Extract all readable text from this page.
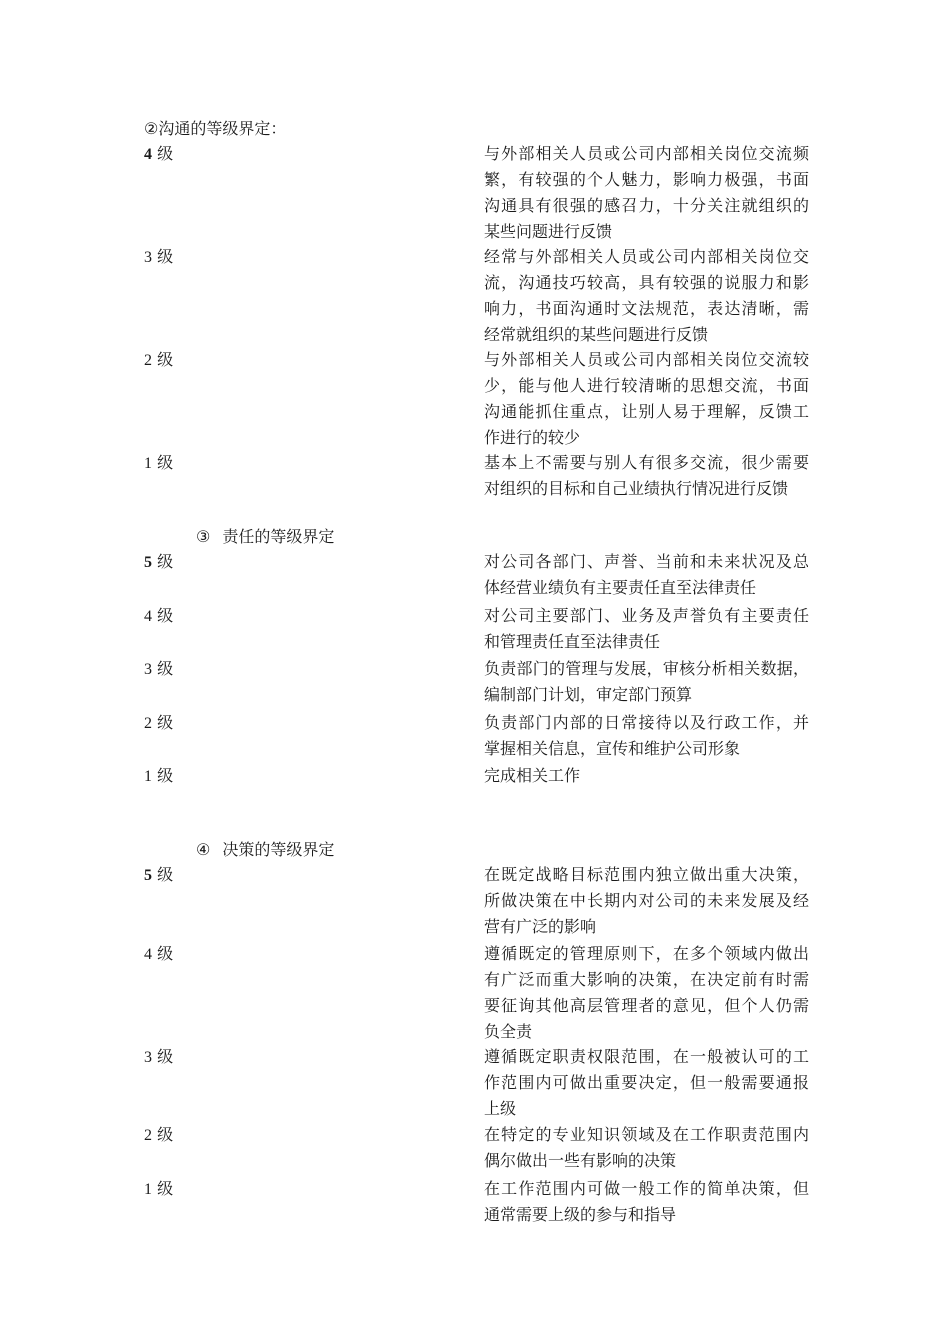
②沟通的等级界定：
4 级	与外部相关人员或公司内部相关岗位交流频
繁，有较强的个人魅力，影响力极强，书面
沟通具有很强的感召力，十分关注就组织的
某些问题进行反馈
3 级	经常与外部相关人员或公司内部相关岗位交
流，沟通技巧较高，具有较强的说服力和影
响力，书面沟通时文法规范，表达清晰，需
经常就组织的某些问题进行反馈
2 级	与外部相关人员或公司内部相关岗位交流较
少，能与他人进行较清晰的思想交流，书面
沟通能抓住重点，让别人易于理解，反馈工
作进行的较少
1 级	基本上不需要与别人有很多交流，很少需要
对组织的目标和自己业绩执行情况进行反馈
③ 责任的等级界定
5 级	对公司各部门、声誉、当前和未来状况及总
体经营业绩负有主要责任直至法律责任
4 级	对公司主要部门、业务及声誉负有主要责任
和管理责任直至法律责任
3 级	负责部门的管理与发展，审核分析相关数据，
编制部门计划，审定部门预算
2 级	负责部门内部的日常接待以及行政工作，并
掌握相关信息，宣传和维护公司形象
1 级	完成相关工作
④ 决策的等级界定
5 级	在既定战略目标范围内独立做出重大决策，
所做决策在中长期内对公司的未来发展及经
营有广泛的影响
4 级	遵循既定的管理原则下，在多个领域内做出
有广泛而重大影响的决策，在决定前有时需
要征询其他高层管理者的意见，但个人仍需
负全责
3 级	遵循既定职责权限范围，在一般被认可的工
作范围内可做出重要决定，但一般需要通报
上级
2 级	在特定的专业知识领域及在工作职责范围内
偶尔做出一些有影响的决策
1 级	在工作范围内可做一般工作的简单决策，但
通常需要上级的参与和指导
